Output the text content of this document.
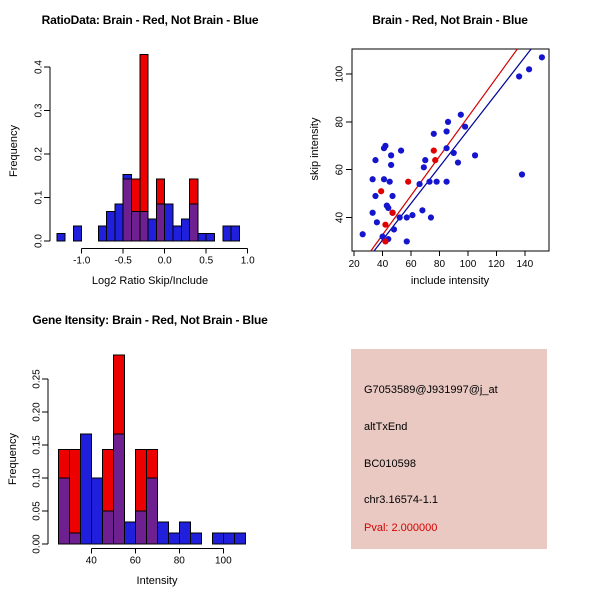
0.0
0.1
0.2
0.3
0.4
-1.0 -0.5	0.0	0.5	1.0
RatioData: Brain - Red, Not Brain - Blue
Frequency
Log2 Ratio Skip/Include
20 40 60 80 100 120 140
40
60
80
100
Brain - Red, Not Brain - Blue
skip intensity
include intensity
0.00
0.05
0.10
0.15
0.20
0.25
40	60	80	100
Gene Itensity: Brain - Red, Not Brain - Blue
Frequency
Intensity
G7053589@J931997@j_at
altTxEnd
BC010598
chr3.16574-1.1
Pval: 2.000000
